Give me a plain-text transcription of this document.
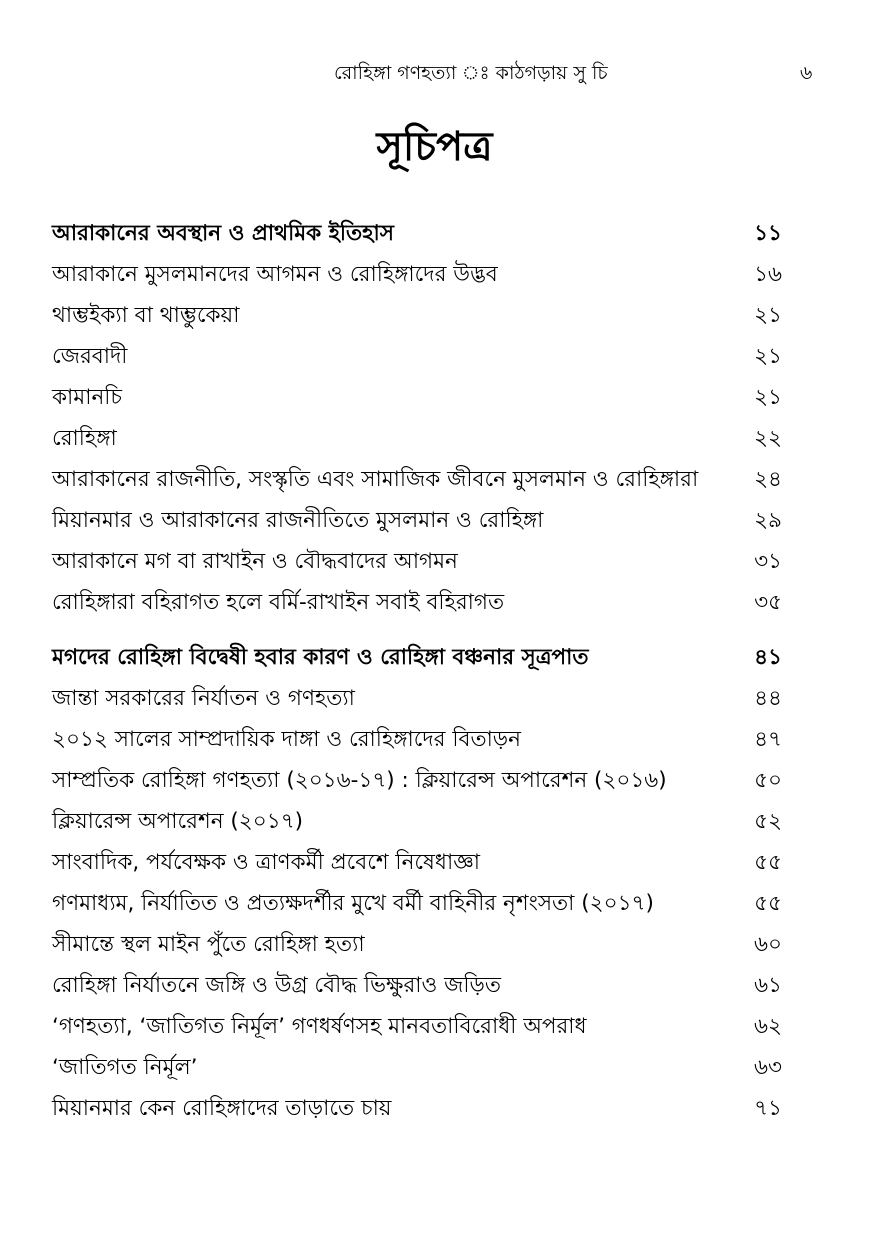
রোহিঙ্গা গণহত্যা ঃ কাঠগড়ায় সু চি	৬
সূচিপত্র
আরাকানের অবস্থান ও প্রাথমিক ইতিহাস	১১
আরাকানে মুসলমানদের আগমন ও রোহিঙ্গাদের উদ্ভব	১৬
থাম্ভইক্যা বা থাম্ভুকেয়া	২১
জেরবাদী	২১
কামানচি	২১
রোহিঙ্গা	২২
আরাকানের রাজনীতি, সংস্কৃতি এবং সামাজিক জীবনে মুসলমান ও রোহিঙ্গারা	২৪
মিয়ানমার ও আরাকানের রাজনীতিতে মুসলমান ও রোহিঙ্গা	২৯
আরাকানে মগ বা রাখাইন ও বৌদ্ধবাদের আগমন	৩১
রোহিঙ্গারা বহিরাগত হলে বর্মি-রাখাইন সবাই বহিরাগত	৩৫
মগদের রোহিঙ্গা বিদ্বেষী হবার কারণ ও রোহিঙ্গা বঞ্চনার সূত্রপাত	৪১
জান্তা সরকারের নির্যাতন ও গণহত্যা	৪৪
২০১২ সালের সাম্প্রদায়িক দাঙ্গা ও রোহিঙ্গাদের বিতাড়ন	৪৭
সাম্প্রতিক রোহিঙ্গা গণহত্যা (২০১৬-১৭) : ক্লিয়ারেন্স অপারেশন (২০১৬)	৫০
ক্লিয়ারেন্স অপারেশন (২০১৭)	৫২
সাংবাদিক, পর্যবেক্ষক ও ত্রাণকর্মী প্রবেশে নিষেধাজ্ঞা	৫৫
গণমাধ্যম, নির্যাতিত ও প্রত্যক্ষদর্শীর মুখে বর্মী বাহিনীর নৃশংসতা (২০১৭)	৫৫
সীমান্তে স্থল মাইন পুঁতে রোহিঙ্গা হত্যা	৬০
রোহিঙ্গা নির্যাতনে জঙ্গি ও উগ্র বৌদ্ধ ভিক্ষুরাও জড়িত	৬১
‘গণহত্যা, ‘জাতিগত নির্মূল’ গণধর্ষণসহ মানবতাবিরোধী অপরাধ	৬২
‘জাতিগত নির্মূল’	৬৩
মিয়ানমার কেন রোহিঙ্গাদের তাড়াতে চায়	৭১
